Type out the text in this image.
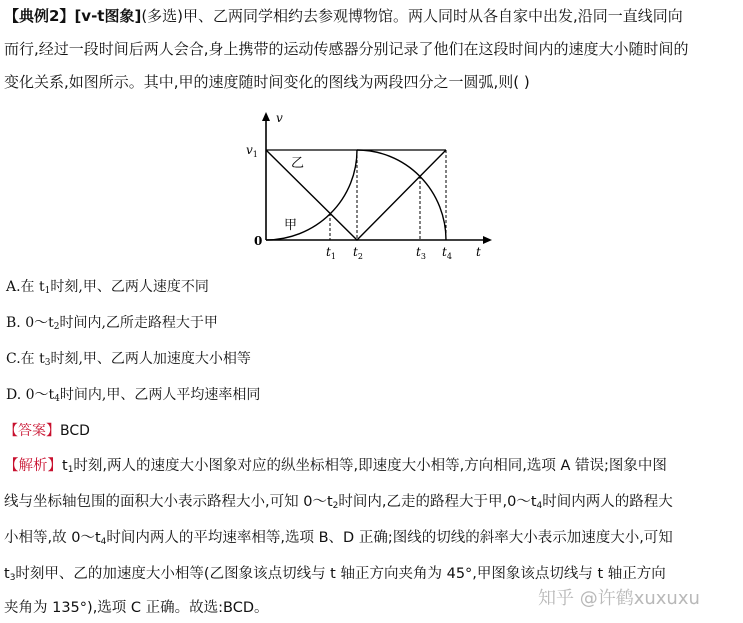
【典例2】[v-t图象](多选)甲、乙两同学相约去参观博物馆。两人同时从各自家中出发,沿同一直线同向
而行,经过一段时间后两人会合,身上携带的运动传感器分别记录了他们在这段时间内的速度大小随时间的
变化关系,如图所示。其中,甲的速度随时间变化的图线为两段四分之一圆弧,则( )
v
t
$v_1$
0
乙
甲
$t_1$ $t_2$	$t_3$ $t_4$
A.在 $t_1$时刻,甲、乙两人速度不同
B. $0\sim t_2$时间内,乙所走路程大于甲
C.在 $t_3$时刻,甲、乙两人加速度大小相等
D. $0\sim t_4$时间内,甲、乙两人平均速率相同
【答案】BCD
【解析】$t_1$时刻,两人的速度大小图象对应的纵坐标相等,即速度大小相等,方向相同,选项 A 错误;图象中图
线与坐标轴包围的面积大小表示路程大小,可知 $0\sim t_2$时间内,乙走的路程大于甲$,0\sim t_4$时间内两人的路程大
小相等,故 $0\sim t_4$时间内两人的平均速率相等,选项 B、D 正确;图线的切线的斜率大小表示加速度大小,可知
$t_3$时刻甲、乙的加速度大小相等(乙图象该点切线与 t 轴正方向夹角为 45°,甲图象该点切线与 t 轴正方向
夹角为 135°),选项 C 正确。故选:BCD。	知乎 @许鹤xuxuxu
